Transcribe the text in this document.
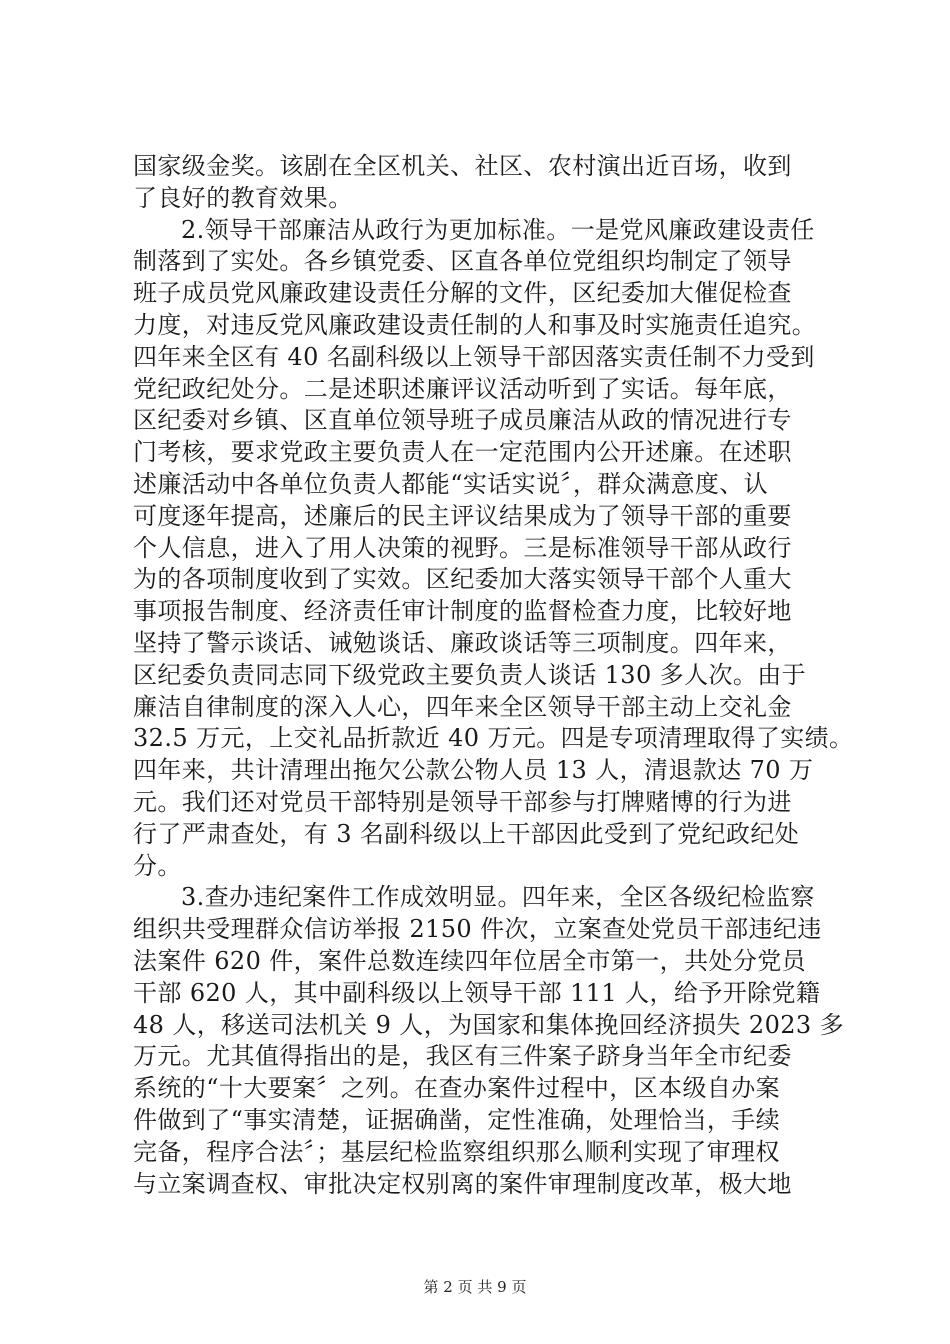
国家级金奖。该剧在全区机关、社区、农村演出近百场，收到
了良好的教育效果。
2.领导干部廉洁从政行为更加标准。一是党风廉政建设责任
制落到了实处。各乡镇党委、区直各单位党组织均制定了领导
班子成员党风廉政建设责任分解的文件，区纪委加大催促检查
力度，对违反党风廉政建设责任制的人和事及时实施责任追究。
四年来全区有 40 名副科级以上领导干部因落实责任制不力受到
党纪政纪处分。二是述职述廉评议活动听到了实话。每年底，
区纪委对乡镇、区直单位领导班子成员廉洁从政的情况进行专
门考核，要求党政主要负责人在一定范围内公开述廉。在述职
述廉活动中各单位负责人都能“实话实说〞，群众满意度、认
可度逐年提高，述廉后的民主评议结果成为了领导干部的重要
个人信息，进入了用人决策的视野。三是标准领导干部从政行
为的各项制度收到了实效。区纪委加大落实领导干部个人重大
事项报告制度、经济责任审计制度的监督检查力度，比较好地
坚持了警示谈话、诫勉谈话、廉政谈话等三项制度。四年来，
区纪委负责同志同下级党政主要负责人谈话 130 多人次。由于
廉洁自律制度的深入人心，四年来全区领导干部主动上交礼金
32.5 万元，上交礼品折款近 40 万元。四是专项清理取得了实绩。
四年来，共计清理出拖欠公款公物人员 13 人，清退款达 70 万
元。我们还对党员干部特别是领导干部参与打牌赌博的行为进
行了严肃查处，有 3 名副科级以上干部因此受到了党纪政纪处
分。
3.查办违纪案件工作成效明显。四年来，全区各级纪检监察
组织共受理群众信访举报 2150 件次，立案查处党员干部违纪违
法案件 620 件，案件总数连续四年位居全市第一，共处分党员
干部 620 人，其中副科级以上领导干部 111 人，给予开除党籍
48 人，移送司法机关 9 人，为国家和集体挽回经济损失 2023 多
万元。尤其值得指出的是，我区有三件案子跻身当年全市纪委
系统的“十大要案〞之列。在查办案件过程中，区本级自办案
件做到了“事实清楚，证据确凿，定性准确，处理恰当，手续
完备，程序合法〞；基层纪检监察组织那么顺利实现了审理权
与立案调查权、审批决定权别离的案件审理制度改革，极大地
第 2 页 共 9 页
